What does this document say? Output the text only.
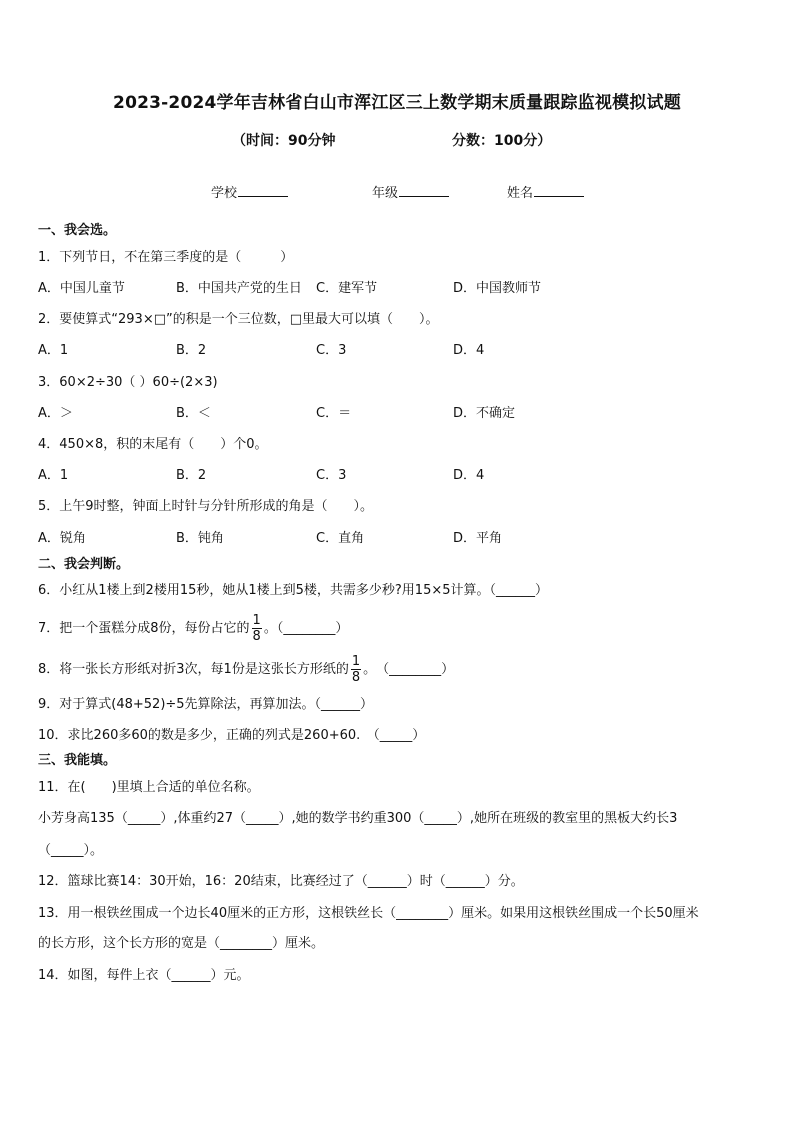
2023-2024学年吉林省白山市浑江区三上数学期末质量跟踪监视模拟试题
（时间：90分钟	分数：100分）
学校	年级	姓名
一、我会选。
1．下列节日，不在第三季度的是（　　　）
A．中国儿童节	B．中国共产党的生日 C．建军节	D．中国教师节
2．要使算式“293×□”的积是一个三位数，□里最大可以填（　　）。
A．1	B．2	C．3	D．4
3．60×2÷30（ ）60÷(2×3)
A．＞	B．＜	C．＝	D．不确定
4．450×8，积的末尾有（　　）个0。
A．1	B．2	C．3	D．4
5．上午9时整，钟面上时针与分针所形成的角是（　　）。
A．锐角	B．钝角	C．直角	D．平角
二、我会判断。
6．小红从1楼上到2楼用15秒，她从1楼上到5楼，共需多少秒?用15×5计算。（______）
7．把一个蛋糕分成8份，每份占它的 $\frac{1}{8}$ 。（________）
8．将一张长方形纸对折3次，每1份是这张长方形纸的 $\frac{1}{8}$ 。　（________）
9．对于算式(48+52)÷5先算除法，再算加法。（______）
10．求比260多60的数是多少，正确的列式是260+60.　（_____）
三、我能填。
11．在(　　)里填上合适的单位名称。
小芳身高135（_____）,体重约27（_____）,她的数学书约重300（_____）,她所在班级的教室里的黑板大约长3
（_____）。
12．篮球比赛14：30开始，16：20结束，比赛经过了（______）时（______）分。
13．用一根铁丝围成一个边长40厘米的正方形，这根铁丝长（________）厘米。如果用这根铁丝围成一个长50厘米
的长方形，这个长方形的宽是（________）厘米。
14．如图，每件上衣（______）元。
